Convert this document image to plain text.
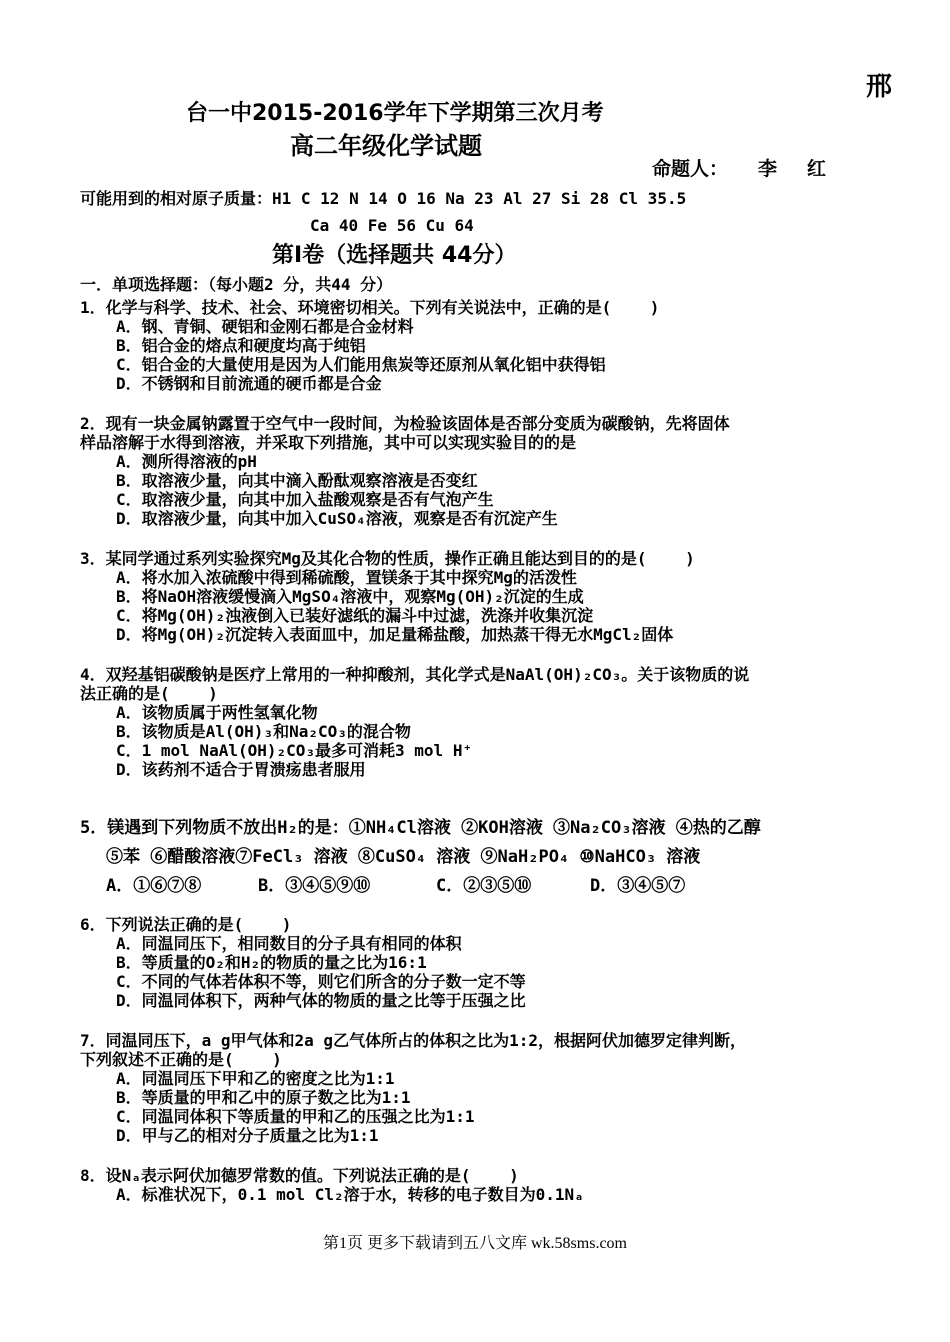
邢
台一中2015-2016学年下学期第三次月考
高二年级化学试题
命题人： 李 红
可能用到的相对原子质量：H1 C 12 N 14 O 16 Na 23 Al 27 Si 28 Cl 35.5
Ca 40 Fe 56 Cu 64
第Ⅰ卷（选择题共 44分）
一．单项选择题：（每小题2 分，共44 分）
1．化学与科学、技术、社会、环境密切相关。下列有关说法中，正确的是(    )
A．钢、青铜、硬铝和金刚石都是合金材料
B．铝合金的熔点和硬度均高于纯铝
C．铝合金的大量使用是因为人们能用焦炭等还原剂从氧化铝中获得铝
D．不锈钢和目前流通的硬币都是合金
2．现有一块金属钠露置于空气中一段时间，为检验该固体是否部分变质为碳酸钠，先将固体
样品溶解于水得到溶液，并采取下列措施，其中可以实现实验目的的是
A．测所得溶液的pH
B．取溶液少量，向其中滴入酚酞观察溶液是否变红
C．取溶液少量，向其中加入盐酸观察是否有气泡产生
D．取溶液少量，向其中加入CuSO₄溶液，观察是否有沉淀产生
3．某同学通过系列实验探究Mg及其化合物的性质，操作正确且能达到目的的是(    )
A．将水加入浓硫酸中得到稀硫酸，置镁条于其中探究Mg的活泼性
B．将NaOH溶液缓慢滴入MgSO₄溶液中，观察Mg(OH)₂沉淀的生成
C．将Mg(OH)₂浊液倒入已装好滤纸的漏斗中过滤，洗涤并收集沉淀
D．将Mg(OH)₂沉淀转入表面皿中，加足量稀盐酸，加热蒸干得无水MgCl₂固体
4．双羟基铝碳酸钠是医疗上常用的一种抑酸剂，其化学式是NaAl(OH)₂CO₃。关于该物质的说
法正确的是(    )
A．该物质属于两性氢氧化物
B．该物质是Al(OH)₃和Na₂CO₃的混合物
C．1 mol NaAl(OH)₂CO₃最多可消耗3 mol H⁺
D．该药剂不适合于胃溃疡患者服用
5．镁遇到下列物质不放出H₂的是：①NH₄Cl溶液 ②KOH溶液 ③Na₂CO₃溶液 ④热的乙醇
⑤苯 ⑥醋酸溶液⑦FeCl₃ 溶液 ⑧CuSO₄ 溶液 ⑨NaH₂PO₄ ⑩NaHCO₃ 溶液
A．①⑥⑦⑧	B．③④⑤⑨⑩	C．②③⑤⑩	D．③④⑤⑦
6．下列说法正确的是(    )
A．同温同压下，相同数目的分子具有相同的体积
B．等质量的O₂和H₂的物质的量之比为16:1
C．不同的气体若体积不等，则它们所含的分子数一定不等
D．同温同体积下，两种气体的物质的量之比等于压强之比
7．同温同压下，a g甲气体和2a g乙气体所占的体积之比为1:2，根据阿伏加德罗定律判断，
下列叙述不正确的是(    )
A．同温同压下甲和乙的密度之比为1:1
B．等质量的甲和乙中的原子数之比为1:1
C．同温同体积下等质量的甲和乙的压强之比为1:1
D．甲与乙的相对分子质量之比为1:1
8．设Nₐ表示阿伏加德罗常数的值。下列说法正确的是(    )
A．标准状况下，0.1 mol Cl₂溶于水，转移的电子数目为0.1Nₐ
第1页 更多下载请到五八文库 wk.58sms.com
